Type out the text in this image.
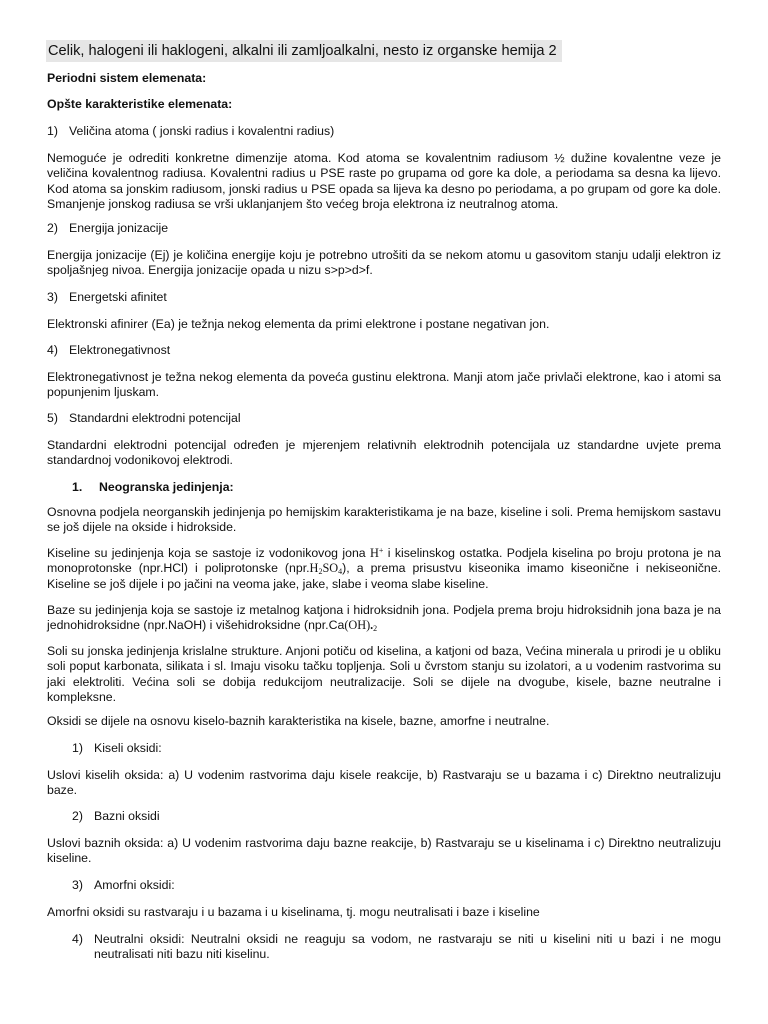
Celik, halogeni ili haklogeni, alkalni ili zamljoalkalni, nesto iz organske hemija 2

Periodni sistem elemenata:

Opšte karakteristike elemenata:

1) Veličina atoma ( jonski radius i kovalentni radius)

Nemoguće je odrediti konkretne dimenzije atoma. Kod atoma se kovalentnim radiusom ½ dužine kovalentne veze je veličina kovalentnog radiusa. Kovalentni radius u PSE raste po grupama od gore ka dole, a periodama sa desna ka lijevo. Kod atoma sa jonskim radiusom, jonski radius u PSE opada sa lijeva ka desno po periodama, a po grupam od gore ka dole. Smanjenje jonskog radiusa se vrši uklanjanjem što većeg broja elektrona iz neutralnog atoma.

2) Energija jonizacije

Energija jonizacije (Ej) je količina energije koju je potrebno utrošiti da se nekom atomu u gasovitom stanju udalji elektron iz spoljašnjeg nivoa. Energija jonizacije opada u nizu s>p>d>f.

3) Energetski afinitet

Elektronski afinirer (Ea) je težnja nekog elementa da primi elektrone i postane negativan jon.

4) Elektronegativnost

Elektronegativnost je težna nekog elementa da poveća gustinu elektrona. Manji atom jače privlači elektrone, kao i atomi sa popunjenim ljuskam.

5) Standardni elektrodni potencijal

Standardni elektrodni potencijal određen je mjerenjem relativnih elektrodnih potencijala uz standardne uvjete prema standardnoj vodonikovoj elektrodi.

1. Neogranska jedinjenja:

Osnovna podjela neorganskih jedinjenja po hemijskim karakteristikama je na baze, kiseline i soli. Prema hemijskom sastavu se još dijele na okside i hidrokside.

Kiseline su jedinjenja koja se sastoje iz vodonikovog jona H+ i kiselinskog ostatka. Podjela kiselina po broju protona je na monoprotonske (npr.HCl) i poliprotonske $(npr.H_2SO_4)$, a prema prisustvu kiseonika imamo kiseonične i nekiseonične. Kiseline se još dijele i po jačini na veoma jake, jake, slabe i veoma slabe kiseline.

Baze su jedinjenja koja se sastoje iz metalnog katjona i hidroksidnih jona. Podjela prema broju hidroksidnih jona baza je na jednohidroksidne (npr.NaOH) i višehidroksidne ($npr.Ca(OH)_{•2}$

Soli su jonska jedinjenja krislalne strukture. Anjoni potiču od kiselina, a katjoni od baza, Većina minerala u prirodi je u obliku soli poput karbonata, silikata i sl. Imaju visoku tačku topljenja. Soli u čvrstom stanju su izolatori, a u vodenim rastvorima su jaki elektroliti. Većina soli se dobija redukcijom neutralizacije. Soli se dijele na dvogube, kisele, bazne neutralne i kompleksne.

Oksidi se dijele na osnovu kiselo-baznih karakteristika na kisele, bazne, amorfne i neutralne.

1) Kiseli oksidi:

Uslovi kiselih oksida: a) U vodenim rastvorima daju kisele reakcije, b) Rastvaraju se u bazama i c) Direktno neutralizuju baze.

2) Bazni oksidi

Uslovi baznih oksida: a) U vodenim rastvorima daju bazne reakcije, b) Rastvaraju se u kiselinama i c) Direktno neutralizuju kiseline.

3) Amorfni oksidi:

Amorfni oksidi su rastvaraju i u bazama i u kiselinama, tj. mogu neutralisati i baze i kiseline

4) Neutralni oksidi: Neutralni oksidi ne reaguju sa vodom, ne rastvaraju se niti u kiselini niti u bazi i ne mogu neutralisati niti bazu niti kiselinu.
